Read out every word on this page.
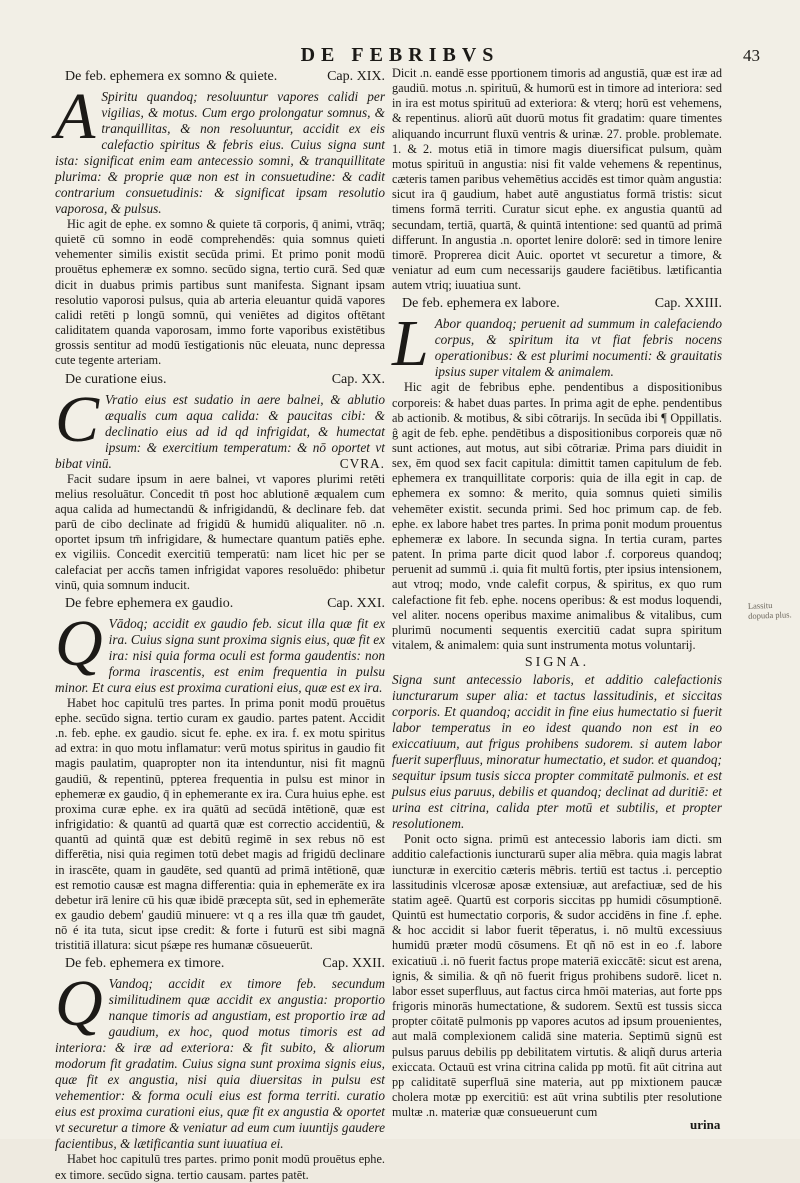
DE FEBRIBVS	43
De feb. ephemera ex somno & quiete.	Cap. XIX.

A Spiritu quandoq; resoluuntur vapores calidi per vigilias, & motus. Cum ergo prolongatur somnus, & tranquillitas, & non resoluuntur, accidit ex eis calefactio spiritus & febris eius. Cuius signa sunt ista: significat enim eam antecessio somni, & tranquillitate plurima: & proprie quæ non est in consuetudine: & cadit contrarium consuetudinis: & significat ipsam resolutio vaporosa, & pulsus.

Hic agit de ephe. ex somno & quiete tā corporis, q̄ animi, vtrāq; quietē cū somno in eodē comprehendēs: quia somnus quieti vehementer similis existit secūda primi. Et primo ponit modū prouētus ephemeræ ex somno. secūdo signa, tertio curā. Sed quæ dicit in duabus primis partibus sunt manifesta. Signant ipsam resolutio vaporosi pulsus, quia ab arteria eleuantur quidā vapores calidi retēti p longū somnū, qui veniētes ad digitos oftētant caliditatem quanda vaporosam, immo forte vaporibus existētibus grossis sentitur ad modū īestigationis nūc eleuata, nunc depressa cute tegente arteriam.

De curatione eius.	Cap. XX.

C Vratio eius est sudatio in aere balnei, & ablutio æqualis cum aqua calida: & paucitas cibi: & declinatio eius ad id qd infrigidat, & humectat ipsum: & exercitium temperatum: & nō oportet vt bibat vinū.	CVRA.

Facit sudare ipsum in aere balnei, vt vapores plurimi retēti melius resoluātur. Concedit tn̄ post hoc ablutionē æqualem cum aqua calida ad humectandū & infrigidandū, & declinare feb. dat parū de cibo declinate ad frigidū & humidū aliqualiter. nō .n. oportet ipsum tm̄ infrigidare, & humectare quantum patiēs ephe. ex vigiliis. Concedit exercitiū temperatū: nam licet hic per se calefaciat per accñs tamen infrigidat vapores resoluēdo: phibetur vinū, quia somnum inducit.

De febre ephemera ex gaudio.	Cap. XXI.

Q Vādoq; accidit ex gaudio feb. sicut illa quæ fit ex ira. Cuius signa sunt proxima signis eius, quæ fit ex ira: nisi quia forma oculi est forma gaudentis: non forma irascentis, est enim frequentia in pulsu minor. Et cura eius est proxima curationi eius, quæ est ex ira.

Habet hoc capitulū tres partes. In prima ponit modū prouētus ephe. secūdo signa. tertio curam ex gaudio. partes patent. Accidit .n. feb. ephe. ex gaudio. sicut fe. ephe. ex ira. f. ex motu spiritus ad extra: in quo motu inflamatur: verū motus spiritus in gaudio fit magis paulatim, quapropter non ita intenduntur, nisi fit magnū gaudiū, & repentinū, ppterea frequentia in pulsu est minor in ephemeræ ex gaudio, q̄ in ephemerante ex ira. Cura huius ephe. est proxima curæ ephe. ex ira quātū ad secūdā intētionē, quæ est infrigidatio: & quantū ad quartā quæ est correctio accidentiū, & quantū ad quintā quæ est debitū regimē in sex rebus nō est differētia, nisi quia regimen totū debet magis ad frigidū declinare in irascēte, quam in gaudēte, sed quantū ad primā intētionē, quæ est remotio causæ est magna differentia: quia in ephemerāte ex ira debetur irā lenire cū his quæ ibidē præcepta sūt, sed in ephemerāte ex gaudio debem' gaudiū minuere: vt q a res illa quæ tm̄ gaudet, nō é ita tuta, sicut ipse credit: & forte i futurū est sibi magnā tristitiā illatura: sicut pśæpe res humanæ cōsueuerūt.

De feb. ephemera ex timore.	Cap. XXII.

Q Vandoq; accidit ex timore feb. secundum similitudinem quæ accidit ex angustia: proportio nanque timoris ad angustiam, est proportio iræ ad gaudium, ex hoc, quod motus timoris est ad interiora: & iræ ad exteriora: & fit subito, & aliorum modorum fit gradatim. Cuius signa sunt proxima signis eius, quæ fit ex angustia, nisi quia diuersitas in pulsu est vehementior: & forma oculi eius est forma territi. curatio eius est proxima curationi eius, quæ fit ex angustia & oportet vt securetur a timore & veniatur ad eum cum iuuntijs gaudere facientibus, & lætificantia sunt iuuatiua ei.

Habet hoc capitulū tres partes. primo ponit modū prouētus ephe. ex timore. secūdo signa. tertio causam. partes patēt.

Dicit .n. eandē esse pportionem timoris ad angustiā, quæ est iræ ad gaudiū. motus .n. spirituū, & humorū est in timore ad interiora: sed in ira est motus spirituū ad exteriora: & vterq; horū est vehemens, & repentinus. aliorū aūt duorū motus fit gradatim: quare timentes aliquando incurrunt fluxū ventris & urinæ. 27. proble. problemate. 1. & 2. motus etiā in timore magis diuersificat pulsum, quàm motus spirituū in angustia: nisi fit valde vehemens & repentinus, cæteris tamen paribus vehemētius accidēs est timor quàm angustia: sicut ira q̄ gaudium, habet autē angustiatus formā tristis: sicut timens formā territi. Curatur sicut ephe. ex angustia quantū ad secundam, tertiā, quartā, & quintā intentione: sed quantū ad primā differunt. In angustia .n. oportet lenire dolorē: sed in timore lenire timorē. Proprerea dicit Auic. oportet vt securetur a timore, & veniatur ad eum cum necessarijs gaudere faciētibus. lætificantia autem vtriq; iuuatiua sunt.

De feb. ephemera ex labore.	Cap. XXIII.

L Abor quandoq; peruenit ad summum in calefaciendo corpus, & spiritum ita vt fiat febris nocens operationibus: & est plurimi nocumenti: & grauitatis ipsius super vitalem & animalem.

Hic agit de febribus ephe. pendentibus a dispositionibus corporeis: & habet duas partes. In prima agit de ephe. pendentibus ab actionib. & motibus, & sibi cōtrarijs. In secūda ibi ¶ Oppillatis. ĝ agit de feb. ephe. pendētibus a dispositionibus corporeis quæ nō sunt actiones, aut motus, aut sibi cōtrariæ. Prima pars diuidit in sex, ēm quod sex facit capitula: dimittit tamen capitulum de feb. ephemera ex tranquillitate corporis: quia de illa egit in cap. de ephemera ex somno: & merito, quia somnus quieti similis vehemēter existit. secunda primi. Sed hoc primum cap. de feb. ephe. ex labore habet tres partes. In prima ponit modum prouentus ephemeræ ex labore. In secunda signa. In tertia curam, partes patent. In prima parte dicit quod labor .f. corporeus quandoq; peruenit ad summū .i. quia fit multū fortis, pter ipsius intensionem, aut vtroq; modo, vnde calefit corpus, & spiritus, ex quo rum calefactione fit feb. ephe. nocens operibus: & est modus loquendi, vel aliter. nocens operibus maxime animalibus & vitalibus, cum plurimū nocumenti sequentis exercitiū cadat supra spiritum vitalem, & animalem: quia sunt instrumenta motus voluntarij.

SIGNA.

Signa sunt antecessio laboris, et additio calefactionis iuncturarum super alia: et tactus lassitudinis, et siccitas corporis. Et quandoq; accidit in fine eius humectatio si fuerit labor temperatus in eo idest quando non est in eo exiccatiuum, aut frigus prohibens sudorem. si autem labor fuerit superfluus, minoratur humectatio, et sudor. et quandoq; sequitur ipsum tusis sicca propter commitatē pulmonis. et est pulsus eius paruus, debilis et quandoq; declinat ad duritiē: et urina est citrina, calida pter motū et subtilis, et propter resolutionem.

Ponit octo signa. primū est antecessio laboris iam dicti. sm additio calefactionis iuncturarū super alia mēbra. quia magis labrat iuncturæ in exercitio cæteris mēbris. tertiū est tactus .i. perceptio lassitudinis vlcerosæ aposæ extensiuæ, aut arefactiuæ, sed de his statim ageē. Quartū est corporis siccitas pp humidi cōsumptionē. Quintū est humectatio corporis, & sudor accidēns in fine .f. ephe. & hoc accidit si labor fuerit tēperatus, i. nō multū excessiuus humidū præter modū cōsumens. Et qñ nō est in eo .f. labore exicatiuū .i. nō fuerit factus prope materiā exiccātē: sicut est arena, ignis, & similia. & qñ nō fuerit frigus prohibens sudorē. licet n. labor esset superfluus, aut factus circa hmōi materias, aut forte pps frigoris minorās humectatione, & sudorem. Sextū est tussis sicca propter cōitatē pulmonis pp vapores acutos ad ipsum prouenientes, aut malā complexionem calidā sine materia. Septimū signū est pulsus paruus debilis pp debilitatem virtutis. & aliqñ durus arteria exiccata. Octauū est vrina citrina calida pp motū. fit aūt citrina aut pp caliditatē superfluā sine materia, aut pp mixtionem paucæ cholera motæ pp exercitiū: est aūt vrina subtilis pter resolutione multæ .n. materiæ quæ consueuerunt cum

Lassitu dopuda plus.
urina
